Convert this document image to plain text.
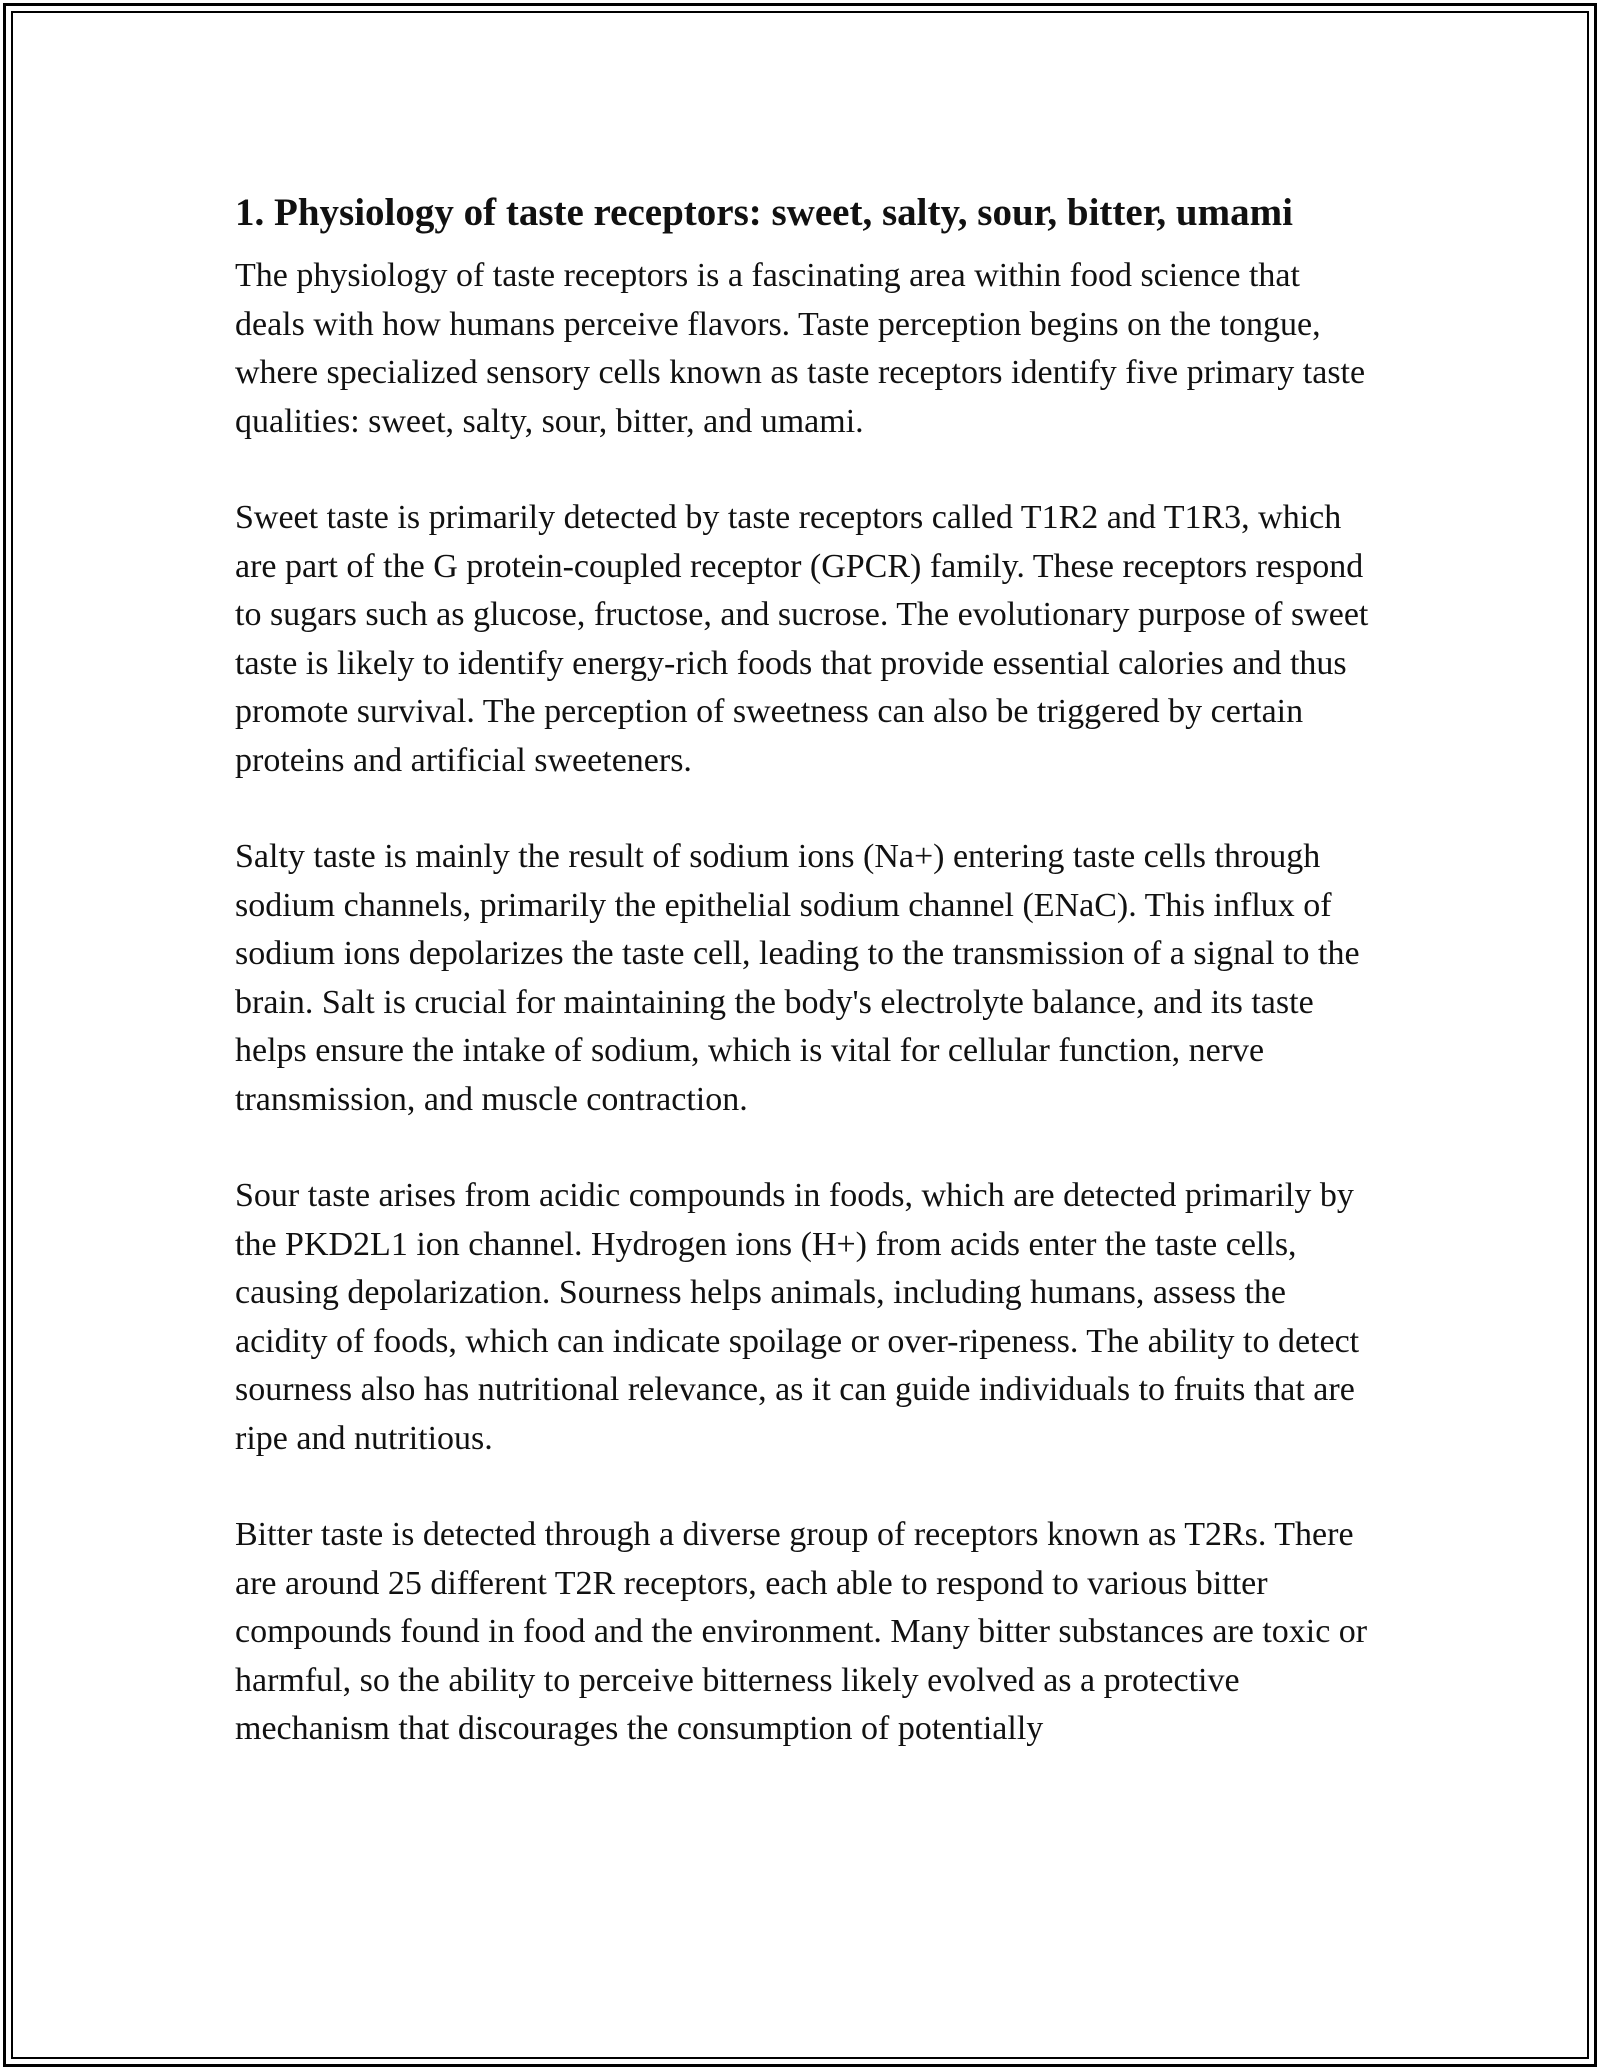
1. Physiology of taste receptors: sweet, salty, sour, bitter, umami

The physiology of taste receptors is a fascinating area within food science that deals with how humans perceive flavors. Taste perception begins on the tongue, where specialized sensory cells known as taste receptors identify five primary taste qualities: sweet, salty, sour, bitter, and umami.

Sweet taste is primarily detected by taste receptors called T1R2 and T1R3, which are part of the G protein-coupled receptor (GPCR) family. These receptors respond to sugars such as glucose, fructose, and sucrose. The evolutionary purpose of sweet taste is likely to identify energy-rich foods that provide essential calories and thus promote survival. The perception of sweetness can also be triggered by certain proteins and artificial sweeteners.

Salty taste is mainly the result of sodium ions (Na+) entering taste cells through sodium channels, primarily the epithelial sodium channel (ENaC). This influx of sodium ions depolarizes the taste cell, leading to the transmission of a signal to the brain. Salt is crucial for maintaining the body's electrolyte balance, and its taste helps ensure the intake of sodium, which is vital for cellular function, nerve transmission, and muscle contraction.

Sour taste arises from acidic compounds in foods, which are detected primarily by the PKD2L1 ion channel. Hydrogen ions (H+) from acids enter the taste cells, causing depolarization. Sourness helps animals, including humans, assess the acidity of foods, which can indicate spoilage or over-ripeness. The ability to detect sourness also has nutritional relevance, as it can guide individuals to fruits that are ripe and nutritious.

Bitter taste is detected through a diverse group of receptors known as T2Rs. There are around 25 different T2R receptors, each able to respond to various bitter compounds found in food and the environment. Many bitter substances are toxic or harmful, so the ability to perceive bitterness likely evolved as a protective mechanism that discourages the consumption of potentially
